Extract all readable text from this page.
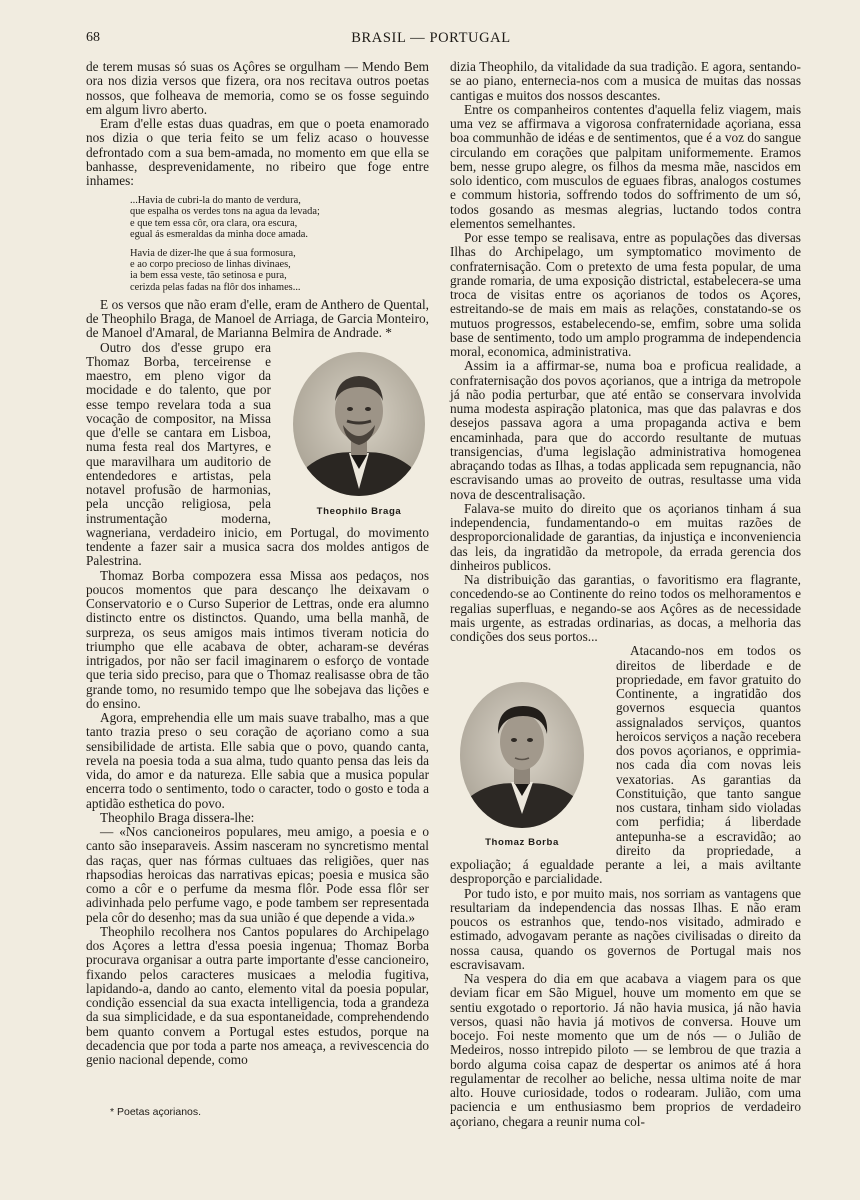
68	BRASIL — PORTUGAL

de terem musas só suas os Açôres se orgulham — Mendo Bem ora nos dizia versos que fizera, ora nos recitava outros poetas nossos, que folheava de memoria, como se os fosse seguindo em algum livro aberto.

Eram d'elle estas duas quadras, em que o poeta enamorado nos dizia o que teria feito se um feliz acaso o houvesse defrontado com a sua bem-amada, no momento em que ella se banhasse, desprevenidamente, no ribeiro que foge entre inhames:

...Havia de cubri-la do manto de verdura,
que espalha os verdes tons na agua da levada;
e que tem essa côr, ora clara, ora escura,
egual ás esmeraldas da minha doce amada.
Havia de dizer-lhe que á sua formosura,
e ao corpo precioso de linhas divinaes,
ia bem essa veste, tão setinosa e pura,
cerizda pelas fadas na flôr dos inhames...

E os versos que não eram d'elle, eram de Anthero de Quental, de Theophilo Braga, de Manoel de Arriaga, de Garcia Monteiro, de Manoel d'Amaral, de Marianna Belmira de Andrade. *

Theophilo Braga

Outro dos d'esse grupo era Thomaz Borba, terceirense e maestro, em pleno vigor da mocidade e do talento, que por esse tempo revelara toda a sua vocação de compositor, na Missa que d'elle se cantara em Lisboa, numa festa real dos Martyres, e que maravilhara um auditorio de entendedores e artistas, pela notavel profusão de harmonias, pela uncção religiosa, pela instrumentação moderna, wagneriana, verdadeiro inicio, em Portugal, do movimento tendente a fazer sair a musica sacra dos moldes antigos de Palestrina.

Thomaz Borba compozera essa Missa aos pedaços, nos poucos momentos que para descanço lhe deixavam o Conservatorio e o Curso Superior de Lettras, onde era alumno distincto entre os distinctos. Quando, uma bella manhã, de surpreza, os seus amigos mais intimos tiveram noticia do triumpho que elle acabava de obter, acharam-se devéras intrigados, por não ser facil imaginarem o esforço de vontade que teria sido preciso, para que o Thomaz realisasse obra de tão grande tomo, no resumido tempo que lhe sobejava das lições e do ensino.

Agora, emprehendia elle um mais suave trabalho, mas a que tanto trazia preso o seu coração de açoriano como a sua sensibilidade de artista. Elle sabia que o povo, quando canta, revela na poesia toda a sua alma, tudo quanto pensa das leis da vida, do amor e da natureza. Elle sabia que a musica popular encerra todo o sentimento, todo o caracter, todo o gosto e toda a aptidão esthetica do povo.

Theophilo Braga dissera-lhe:

— «Nos cancioneiros populares, meu amigo, a poesia e o canto são inseparaveis. Assim nasceram no syncretismo mental das raças, quer nas fórmas cultuaes das religiões, quer nas rhapsodias heroicas das narrativas epicas; poesia e musica são como a côr e o perfume da mesma flôr. Pode essa flôr ser adivinhada pelo perfume vago, e pode tambem ser representada pela côr do desenho; mas da sua união é que depende a vida.»

Theophilo recolhera nos Cantos populares do Archipelago dos Açores a lettra d'essa poesia ingenua; Thomaz Borba procurava organisar a outra parte importante d'esse cancioneiro, fixando pelos caracteres musicaes a melodia fugitiva, lapidando-a, dando ao canto, elemento vital da poesia popular, condição essencial da sua exacta intelligencia, toda a grandeza da sua simplicidade, e da sua espontaneidade, comprehendendo bem quanto convem a Portugal estes estudos, porque na decadencia que por toda a parte nos ameaça, a revivescencia do genio nacional depende, como

dizia Theophilo, da vitalidade da sua tradição. E agora, sentando-se ao piano, enternecia-nos com a musica de muitas das nossas cantigas e muitos dos nossos descantes.

Entre os companheiros contentes d'aquella feliz viagem, mais uma vez se affirmava a vigorosa confraternidade açoriana, essa boa communhão de idéas e de sentimentos, que é a voz do sangue circulando em corações que palpitam uniformemente. Eramos bem, nesse grupo alegre, os filhos da mesma mãe, nascidos em solo identico, com musculos de eguaes fibras, analogos costumes e commum historia, soffrendo todos do soffrimento de um só, todos gosando as mesmas alegrias, luctando todos contra elementos semelhantes.

Por esse tempo se realisava, entre as populações das diversas Ilhas do Archipelago, um symptomatico movimento de confraternisação. Com o pretexto de uma festa popular, de uma grande romaria, de uma exposição districtal, estabelecera-se uma troca de visitas entre os açorianos de todos os Açores, estreitando-se de mais em mais as relações, constatando-se os mutuos progressos, estabelecendo-se, emfim, sobre uma solida base de sentimento, todo um amplo programma de independencia moral, economica, administrativa.

Assim ia a affirmar-se, numa boa e proficua realidade, a confraternisação dos povos açorianos, que a intriga da metropole já não podia perturbar, que até então se conservara involvida numa modesta aspiração platonica, mas que das palavras e dos desejos passava agora a uma propaganda activa e bem encaminhada, para que do accordo resultante de mutuas transigencias, d'uma legislação administrativa homogenea abraçando todas as Ilhas, a todas applicada sem repugnancia, não escravisando umas ao proveito de outras, resultasse uma vida nova de descentralisação.

Falava-se muito do direito que os açorianos tinham á sua independencia, fundamentando-o em muitas razões de desproporcionalidade de garantias, da injustiça e inconveniencia das leis, da ingratidão da metropole, da errada gerencia dos dinheiros publicos.

Na distribuição das garantias, o favoritismo era flagrante, concedendo-se ao Continente do reino todos os melhoramentos e regalias superfluas, e negando-se aos Açôres as de necessidade mais urgente, as estradas ordinarias, as docas, a melhoria das condições dos seus portos...

Thomaz Borba

Atacando-nos em todos os direitos de liberdade e de propriedade, em favor gratuito do Continente, a ingratidão dos governos esquecia quantos assignalados serviços, quantos heroicos serviços a nação recebera dos povos açorianos, e opprimia-nos cada dia com novas leis vexatorias. As garantias da Constituição, que tanto sangue nos custara, tinham sido violadas com perfidia; á liberdade antepunha-se a escravidão; ao direito da propriedade, a expoliação; á egualdade perante a lei, a mais aviltante desproporção e parcialidade.

Por tudo isto, e por muito mais, nos sorriam as vantagens que resultariam da independencia das nossas Ilhas. E não eram poucos os estranhos que, tendo-nos visitado, admirado e estimado, advogavam perante as nações civilisadas o direito da nossa causa, quando os governos de Portugal mais nos escravisavam.

Na vespera do dia em que acabava a viagem para os que deviam ficar em São Miguel, houve um momento em que se sentiu exgotado o reportorio. Já não havia musica, já não havia versos, quasi não havia já motivos de conversa. Houve um bocejo. Foi neste momento que um de nós — o Julião de Medeiros, nosso intrepido piloto — se lembrou de que trazia a bordo alguma coisa capaz de despertar os animos até á hora regulamentar de recolher ao beliche, nessa ultima noite de mar alto. Houve curiosidade, todos o rodearam. Julião, com uma paciencia e um enthusiasmo bem proprios de verdadeiro açoriano, chegara a reunir numa col-

* Poetas açorianos.
